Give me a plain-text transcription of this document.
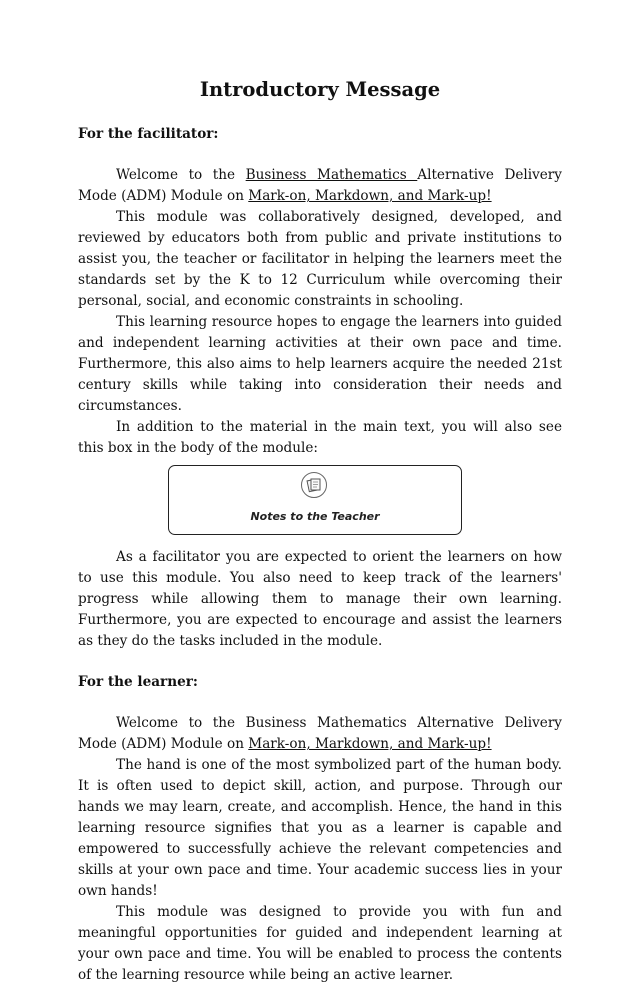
Introductory Message
For the facilitator:

Welcome to the Business Mathematics Alternative Delivery Mode (ADM) Module on Mark-on, Markdown, and Mark-up!

This module was collaboratively designed, developed, and reviewed by educators both from public and private institutions to assist you, the teacher or facilitator in helping the learners meet the standards set by the K to 12 Curriculum while overcoming their personal, social, and economic constraints in schooling.

This learning resource hopes to engage the learners into guided and independent learning activities at their own pace and time. Furthermore, this also aims to help learners acquire the needed 21st century skills while taking into consideration their needs and circumstances.

In addition to the material in the main text, you will also see this box in the body of the module:

Notes to the Teacher

As a facilitator you are expected to orient the learners on how to use this module. You also need to keep track of the learners' progress while allowing them to manage their own learning. Furthermore, you are expected to encourage and assist the learners as they do the tasks included in the module.

For the learner:

Welcome to the Business Mathematics Alternative Delivery Mode (ADM) Module on Mark-on, Markdown, and Mark-up!

The hand is one of the most symbolized part of the human body. It is often used to depict skill, action, and purpose. Through our hands we may learn, create, and accomplish. Hence, the hand in this learning resource signifies that you as a learner is capable and empowered to successfully achieve the relevant competencies and skills at your own pace and time. Your academic success lies in your own hands!

This module was designed to provide you with fun and meaningful opportunities for guided and independent learning at your own pace and time. You will be enabled to process the contents of the learning resource while being an active learner.
